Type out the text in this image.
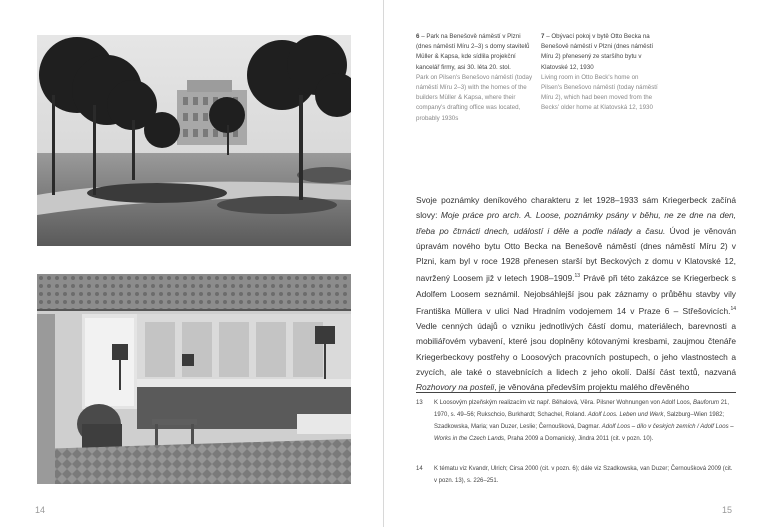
14
6 – Park na Benešově náměstí v Plzni (dnes náměstí Míru 2–3) s domy stavitelů Müller & Kapsa, kde sídlila projekční kancelář firmy, asi 30. léta 20. stol.
Park on Pilsen's Benešovo náměstí (today náměstí Míru 2–3) with the homes of the builders Müller & Kapsa, where their company's drafting office was located, probably 1930s
7 – Obývací pokoj v bytě Otto Becka na Benešově náměstí v Plzni (dnes náměstí Míru 2) přenesený ze staršího bytu v Klatovské 12, 1930
Living room in Otto Beck's home on Pilsen's Benešovo náměstí (today náměstí Míru 2), which had been moved from the Becks' older home at Klatovská 12, 1930
Svoje poznámky deníkového charakteru z let 1928–1933 sám Kriegerbeck začíná slovy: Moje práce pro arch. A. Loose, poznámky psány v běhu, ne ze dne na den, třeba po čtrnácti dnech, událostí i děle a podle nálady a času. Úvod je věnován úpravám nového bytu Otto Becka na Benešově náměstí (dnes náměstí Míru 2) v Plzni, kam byl v roce 1928 přenesen starší byt Beckových z domu v Klatovské 12, navržený Loosem již v letech 1908–1909.13 Právě při této zakázce se Kriegerbeck s Adolfem Loosem seznámil. Nejobsáhlejší jsou pak záznamy o průběhu stavby vily Františka Müllera v ulici Nad Hradním vodojemem 14 v Praze 6 – Střešovicích.$^{14}$ Vedle cenných údajů o vzniku jednotlivých částí domu, materiálech, barevnosti a mobiliářovém vybavení, které jsou doplněny kótovanými kresbami, zaujmou čtenáře Kriegerbeckovy postřehy o Loosových pracovních postupech, o jeho vlastnostech a zvycích, ale také o stavebnících a lidech z jeho okolí. Další část textů, nazvaná Rozhovory na posteli, je věnována především projektu malého dřevěného
13 K Loosovým plzeňským realizacím viz např. Běhalová, Věra. Pilsner Wohnungen von Adolf Loos, Bauforum 21, 1970, s. 49–56; Rukschcio, Burkhardt; Schachel, Roland. Adolf Loos. Leben und Werk, Salzburg–Wien 1982; Szadkowska, Maria; van Duzer, Leslie; Černoušková, Dagmar. Adolf Loos – dílo v českých zemích / Adolf Loos – Works in the Czech Lands, Praha 2009 a Domanický, Jindra 2011 (cit. v pozn. 10).
14 K tématu viz Kvandr, Ulrich; Cirsa 2000 (cit. v pozn. 6); dále viz Szadkowska, van Duzer; Černoušková 2009 (cit. v pozn. 13), s. 226–251.
15
